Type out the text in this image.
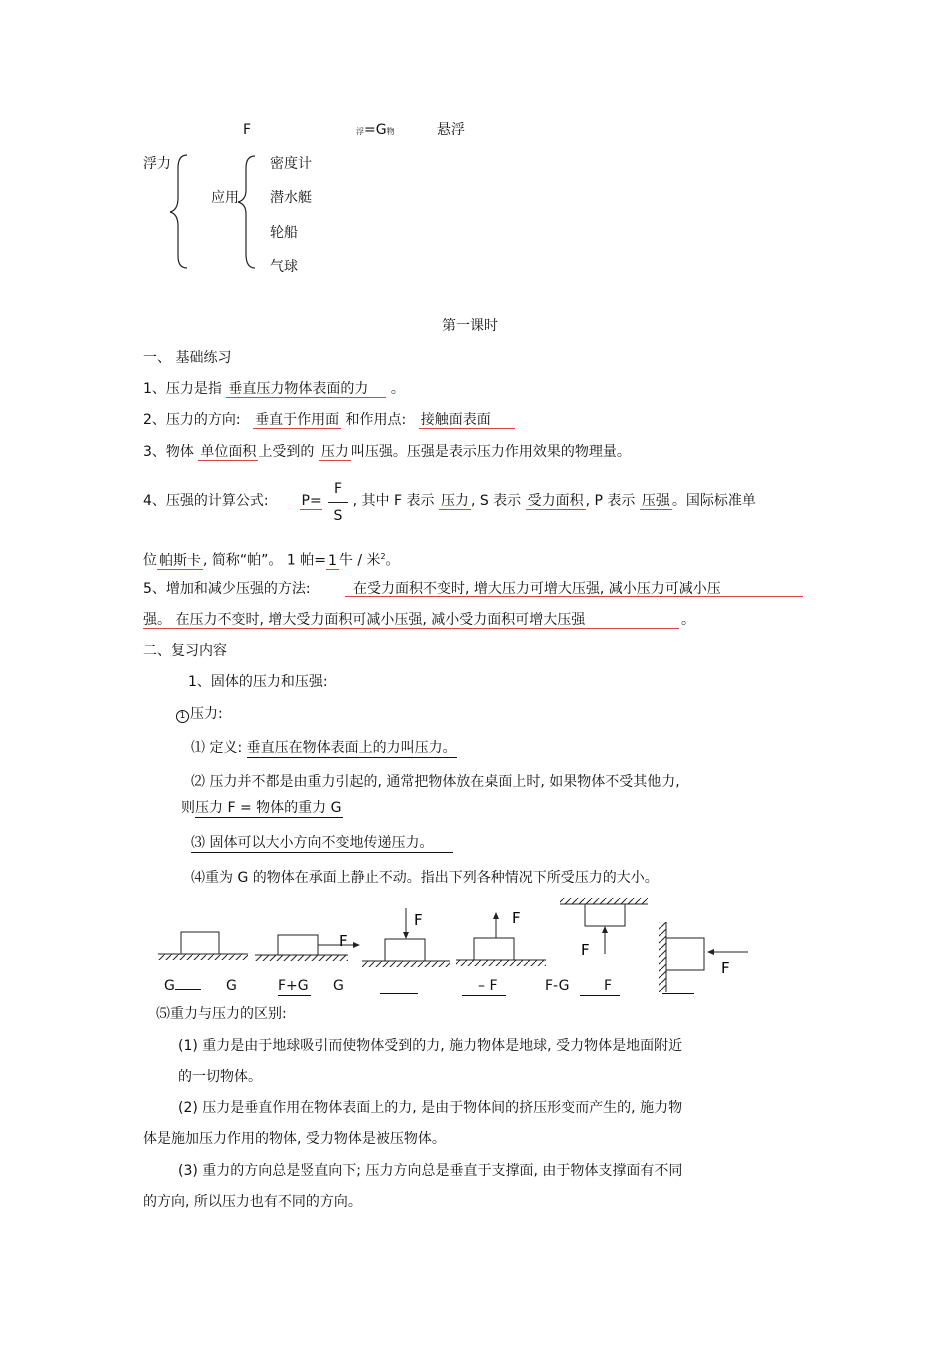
F	浮=G物	悬浮
浮力
应用
密度计
潜水艇
轮船
气球
第一课时
一、 基础练习
1、压力是指 垂直压力物体表面的力 。
2、压力的方向: 垂直于作用面 和作用点: 接触面表面
3、物体 单位面积 上受到的 压力 叫压强。压强是表示压力作用效果的物理量。
4、压强的计算公式: P= , 其中 F 表示 压力 , S 表示 受力面积 , P 表示 压强 。国际标准单
F
S
位 帕斯卡 , 简称“帕”。 1 帕= 1 牛 / 米$^2$。
5、增加和减少压强的方法:	在受力面积不变时, 增大压力可增大压强, 减小压力可减小压
强。 在压力不变时, 增大受力面积可减小压强, 减小受力面积可增大压强	。
二、复习内容
1、固体的压力和压强:
1 压力:
⑴ 定义: 垂直压在物体表面上的力叫压力。
⑵ 压力并不都是由重力引起的, 通常把物体放在桌面上时, 如果物体不受其他力,
则压力 F = 物体的重力 G
⑶ 固体可以大小方向不变地传递压力。
⑷重为 G 的物体在承面上静止不动。指出下列各种情况下所受压力的大小。
F
F	F
F
F
G	G	F+G G	– F	F-G	F
⑸重力与压力的区别:
(1) 重力是由于地球吸引而使物体受到的力, 施力物体是地球, 受力物体是地面附近
的一切物体。
(2) 压力是垂直作用在物体表面上的力, 是由于物体间的挤压形变而产生的, 施力物
体是施加压力作用的物体, 受力物体是被压物体。
(3) 重力的方向总是竖直向下; 压力方向总是垂直于支撑面, 由于物体支撑面有不同
的方向, 所以压力也有不同的方向。
